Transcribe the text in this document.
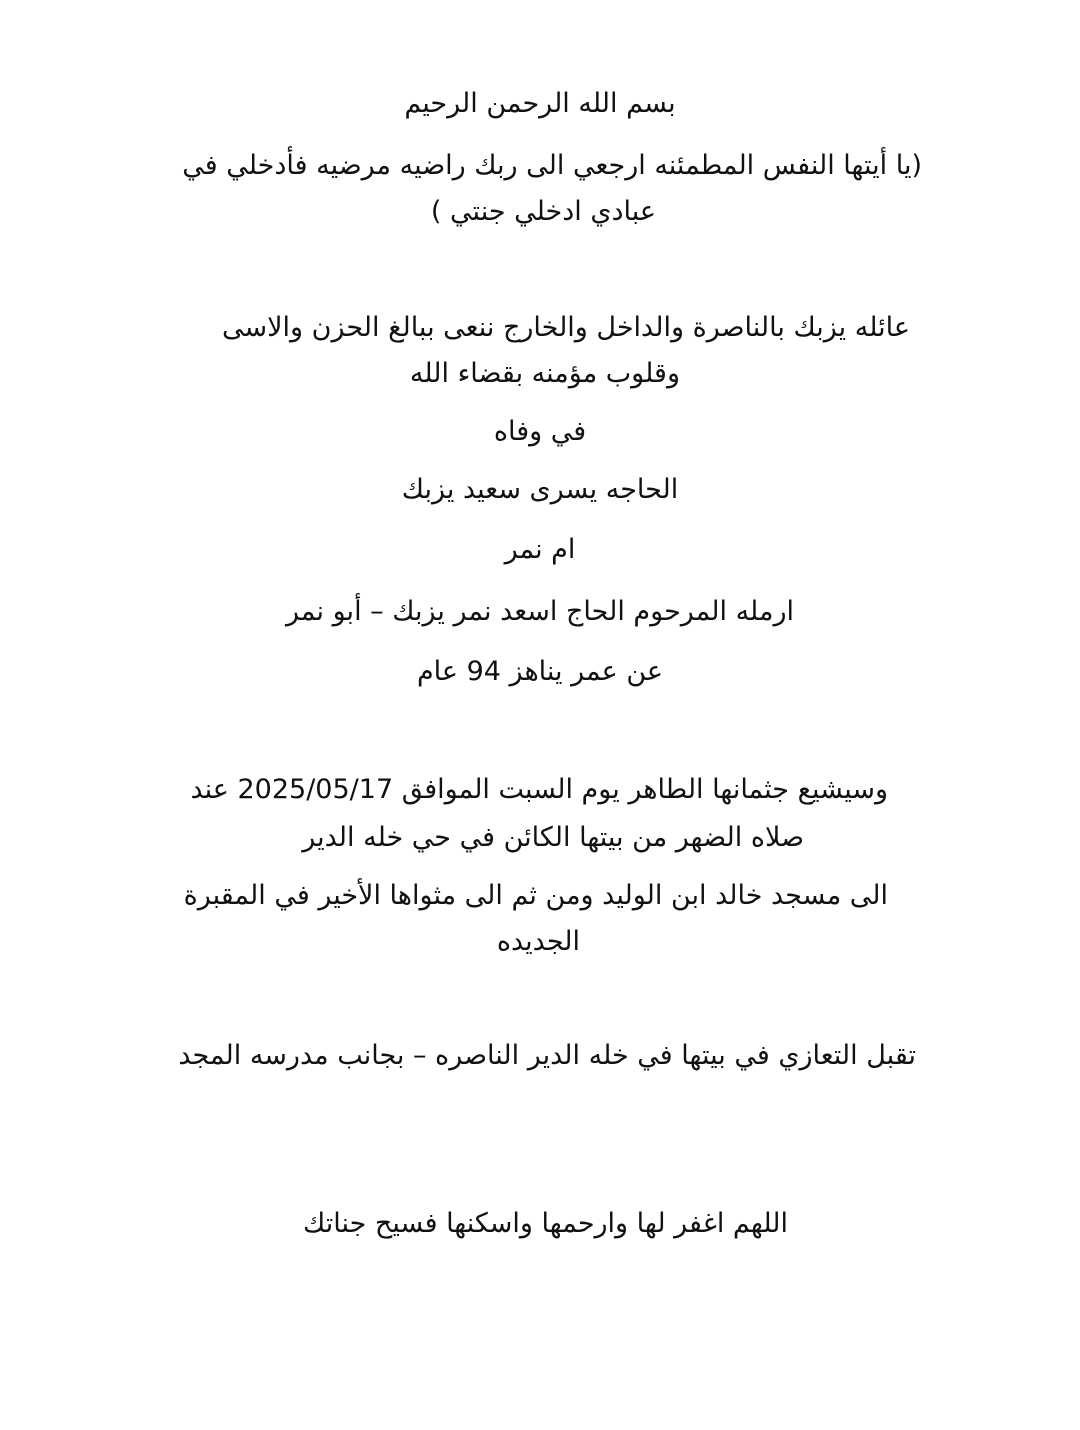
بسم الله الرحمن الرحيم

(يا أيتها النفس المطمئنه ارجعي الى ربك راضيه مرضيه فأدخلي في

عبادي ادخلي جنتي )

عائله يزبك بالناصرة والداخل والخارج ننعى ببالغ الحزن والاسى

وقلوب مؤمنه بقضاء الله

في وفاه

الحاجه يسرى سعيد يزبك

ام نمر

ارمله المرحوم الحاج اسعد نمر يزبك – أبو نمر

عن عمر يناهز 94 عام

وسيشيع جثمانها الطاهر يوم السبت الموافق 2025/05/17 عند

صلاه الضهر من بيتها الكائن في حي خله الدير

الى مسجد خالد ابن الوليد ومن ثم الى مثواها الأخير في المقبرة

الجديده

تقبل التعازي في بيتها في خله الدير الناصره – بجانب مدرسه المجد

اللهم اغفر لها وارحمها واسكنها فسيح جناتك
